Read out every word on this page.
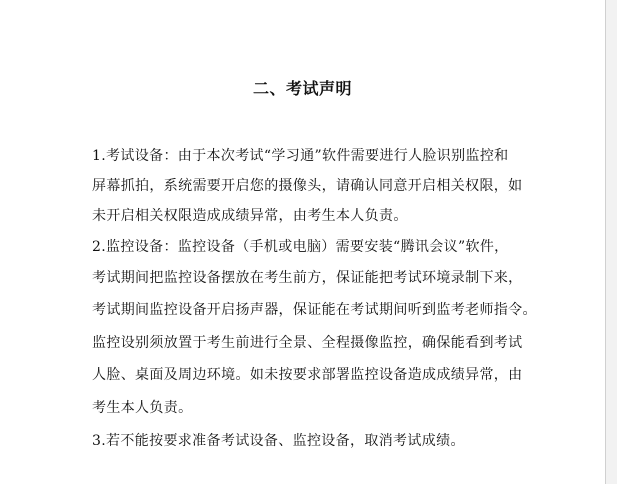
二、考试声明
1.考试设备：由于本次考试“学习通”软件需要进行人脸识别监控和
屏幕抓拍，系统需要开启您的摄像头，请确认同意开启相关权限，如
未开启相关权限造成成绩异常，由考生本人负责。
2.监控设备：监控设备（手机或电脑）需要安装“腾讯会议”软件，
考试期间把监控设备摆放在考生前方，保证能把考试环境录制下来，
考试期间监控设备开启扬声器，保证能在考试期间听到监考老师指令。
监控设别须放置于考生前进行全景、全程摄像监控，确保能看到考试
人脸、桌面及周边环境。如未按要求部署监控设备造成成绩异常，由
考生本人负责。
3.若不能按要求准备考试设备、监控设备，取消考试成绩。
